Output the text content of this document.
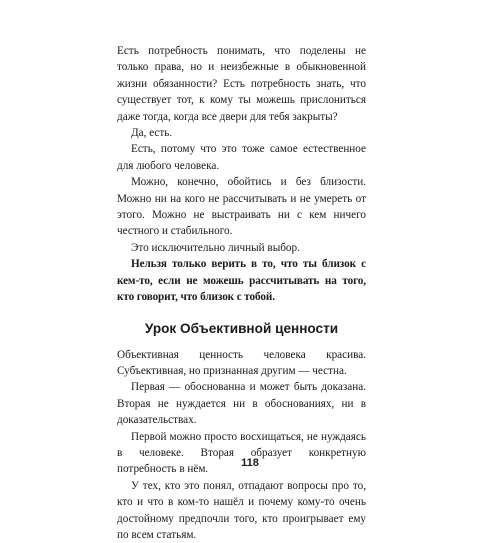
Есть потребность понимать, что поделены не только права, но и неизбежные в обыкновенной жизни обязанности? Есть потребность знать, что существует тот, к кому ты можешь прислониться даже тогда, когда все двери для тебя закрыты?

Да, есть.

Есть, потому что это тоже самое естественное для любого человека.

Можно, конечно, обойтись и без близости. Можно ни на кого не рассчитывать и не умереть от этого. Можно не выстраивать ни с кем ничего честного и стабильного.

Это исключительно личный выбор.

Нельзя только верить в то, что ты близок с кем-то, если не можешь рассчитывать на того, кто говорит, что близок с тобой.

Урок Объективной ценности

Объективная ценность человека красива. Субъективная, но признанная другим — честна.

Первая — обоснованна и может быть доказана. Вторая не нуждается ни в обоснованиях, ни в доказательствах.

Первой можно просто восхищаться, не нуждаясь в человеке. Вторая образует конкретную потребность в нём.

У тех, кто это понял, отпадают вопросы про то, кто и что в ком-то нашёл и почему кому-то очень достойному предпочли того, кто проигрывает ему по всем статьям.

118
